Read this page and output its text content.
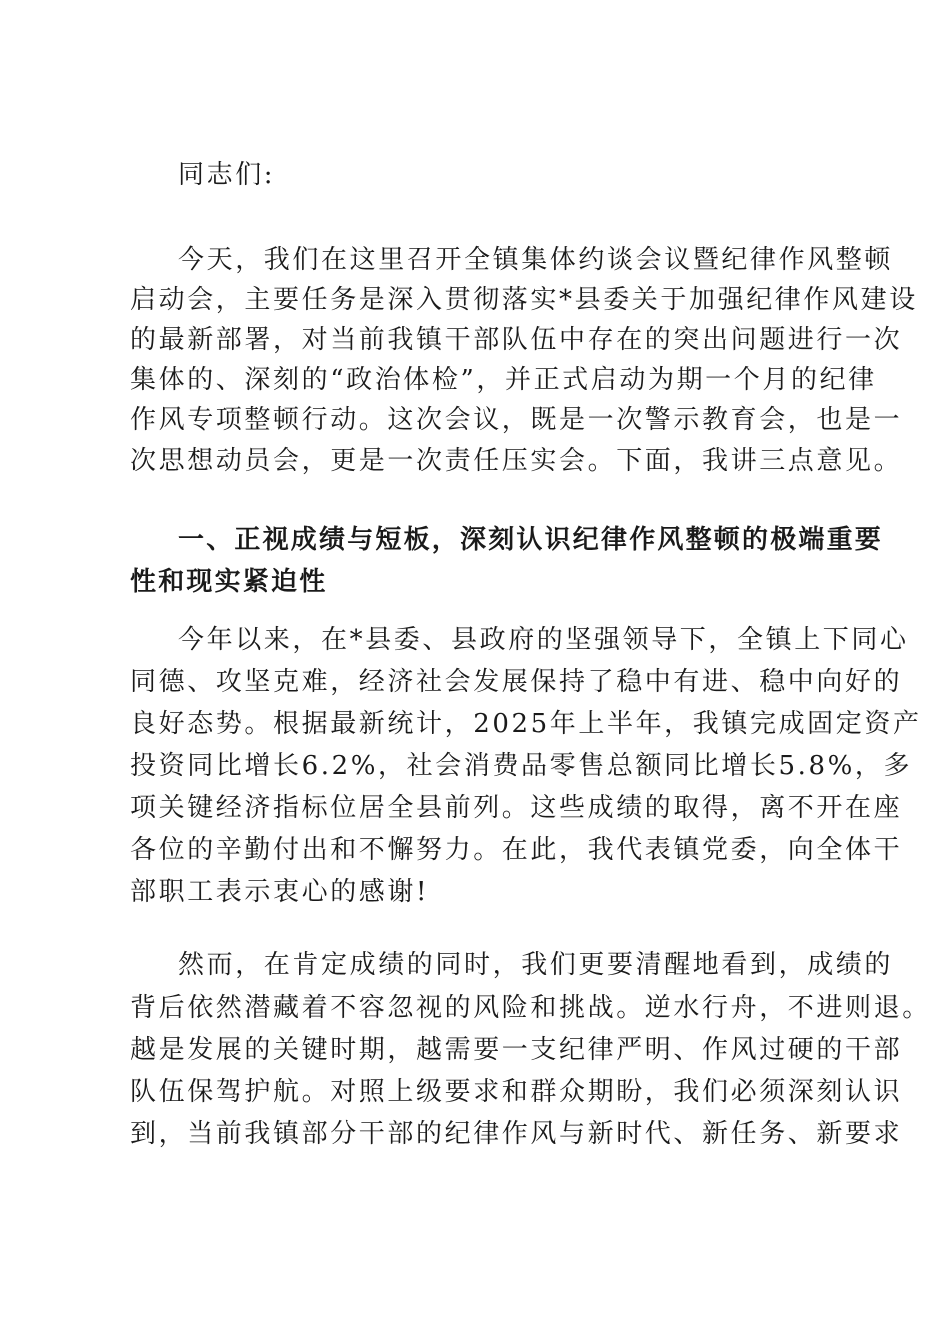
同志们:
今天，我们在这里召开全镇集体约谈会议暨纪律作风整顿
启动会，主要任务是深入贯彻落实*县委关于加强纪律作风建设
的最新部署，对当前我镇干部队伍中存在的突出问题进行一次
集体的、深刻的“政治体检”，并正式启动为期一个月的纪律
作风专项整顿行动。这次会议，既是一次警示教育会，也是一
次思想动员会，更是一次责任压实会。下面，我讲三点意见。
一、正视成绩与短板，深刻认识纪律作风整顿的极端重要
性和现实紧迫性
今年以来，在*县委、县政府的坚强领导下，全镇上下同心
同德、攻坚克难，经济社会发展保持了稳中有进、稳中向好的
良好态势。根据最新统计，2025年上半年，我镇完成固定资产
投资同比增长6.2%，社会消费品零售总额同比增长5.8%，多
项关键经济指标位居全县前列。这些成绩的取得，离不开在座
各位的辛勤付出和不懈努力。在此，我代表镇党委，向全体干
部职工表示衷心的感谢!
然而，在肯定成绩的同时，我们更要清醒地看到，成绩的
背后依然潜藏着不容忽视的风险和挑战。逆水行舟，不进则退。
越是发展的关键时期，越需要一支纪律严明、作风过硬的干部
队伍保驾护航。对照上级要求和群众期盼，我们必须深刻认识
到，当前我镇部分干部的纪律作风与新时代、新任务、新要求
